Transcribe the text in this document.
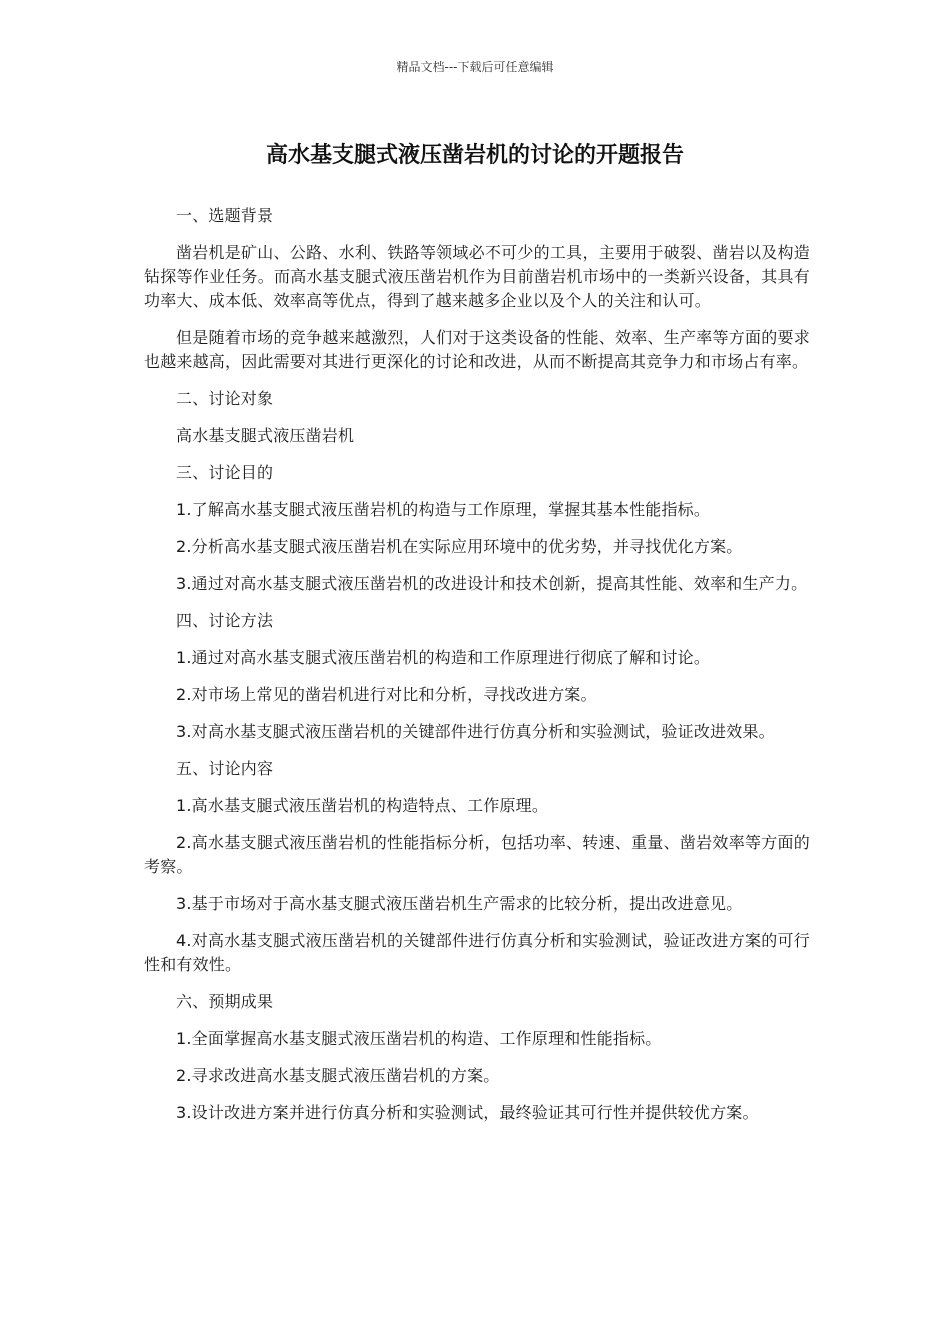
精品文档---下载后可任意编辑
高水基支腿式液压凿岩机的讨论的开题报告

一、选题背景

凿岩机是矿山、公路、水利、铁路等领域必不可少的工具，主要用于破裂、凿岩以及构造钻探等作业任务。而高水基支腿式液压凿岩机作为目前凿岩机市场中的一类新兴设备，其具有功率大、成本低、效率高等优点，得到了越来越多企业以及个人的关注和认可。

但是随着市场的竞争越来越激烈，人们对于这类设备的性能、效率、生产率等方面的要求也越来越高，因此需要对其进行更深化的讨论和改进，从而不断提高其竞争力和市场占有率。

二、讨论对象

高水基支腿式液压凿岩机

三、讨论目的

1.了解高水基支腿式液压凿岩机的构造与工作原理，掌握其基本性能指标。

2.分析高水基支腿式液压凿岩机在实际应用环境中的优劣势，并寻找优化方案。

3.通过对高水基支腿式液压凿岩机的改进设计和技术创新，提高其性能、效率和生产力。

四、讨论方法

1.通过对高水基支腿式液压凿岩机的构造和工作原理进行彻底了解和讨论。

2.对市场上常见的凿岩机进行对比和分析，寻找改进方案。

3.对高水基支腿式液压凿岩机的关键部件进行仿真分析和实验测试，验证改进效果。

五、讨论内容

1.高水基支腿式液压凿岩机的构造特点、工作原理。

2.高水基支腿式液压凿岩机的性能指标分析，包括功率、转速、重量、凿岩效率等方面的考察。

3.基于市场对于高水基支腿式液压凿岩机生产需求的比较分析，提出改进意见。

4.对高水基支腿式液压凿岩机的关键部件进行仿真分析和实验测试，验证改进方案的可行性和有效性。

六、预期成果

1.全面掌握高水基支腿式液压凿岩机的构造、工作原理和性能指标。

2.寻求改进高水基支腿式液压凿岩机的方案。

3.设计改进方案并进行仿真分析和实验测试，最终验证其可行性并提供较优方案。
